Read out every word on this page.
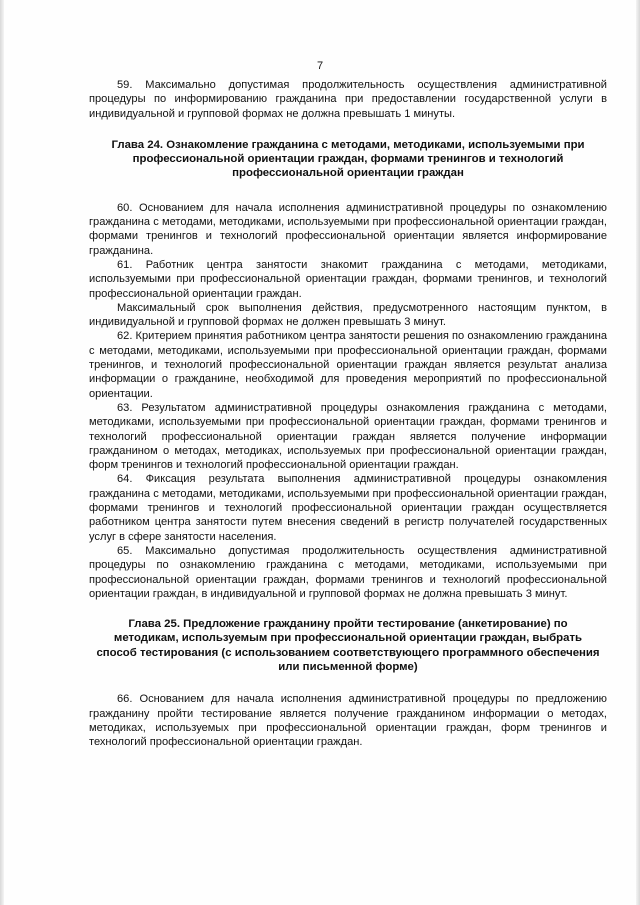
7

59. Максимально допустимая продолжительность осуществления административной процедуры по информированию гражданина при предоставлении государственной услуги в индивидуальной и групповой формах не должна превышать 1 минуты.

Глава 24. Ознакомление гражданина с методами, методиками, используемыми при профессиональной ориентации граждан, формами тренингов и технологий профессиональной ориентации граждан

60. Основанием для начала исполнения административной процедуры по ознакомлению гражданина с методами, методиками, используемыми при профессиональной ориентации граждан, формами тренингов и технологий профессиональной ориентации является информирование гражданина.

61. Работник центра занятости знакомит гражданина с методами, методиками, используемыми при профессиональной ориентации граждан, формами тренингов, и технологий профессиональной ориентации граждан.

Максимальный срок выполнения действия, предусмотренного настоящим пунктом, в индивидуальной и групповой формах не должен превышать 3 минут.

62. Критерием принятия работником центра занятости решения по ознакомлению гражданина с методами, методиками, используемыми при профессиональной ориентации граждан, формами тренингов, и технологий профессиональной ориентации граждан является результат анализа информации о гражданине, необходимой для проведения мероприятий по профессиональной ориентации.

63. Результатом административной процедуры ознакомления гражданина с методами, методиками, используемыми при профессиональной ориентации граждан, формами тренингов и технологий профессиональной ориентации граждан является получение информации гражданином о методах, методиках, используемых при профессиональной ориентации граждан, форм тренингов и технологий профессиональной ориентации граждан.

64. Фиксация результата выполнения административной процедуры ознакомления гражданина с методами, методиками, используемыми при профессиональной ориентации граждан, формами тренингов и технологий профессиональной ориентации граждан осуществляется работником центра занятости путем внесения сведений в регистр получателей государственных услуг в сфере занятости населения.

65. Максимально допустимая продолжительность осуществления административной процедуры по ознакомлению гражданина с методами, методиками, используемыми при профессиональной ориентации граждан, формами тренингов и технологий профессиональной ориентации граждан, в индивидуальной и групповой формах не должна превышать 3 минут.

Глава 25. Предложение гражданину пройти тестирование (анкетирование) по методикам, используемым при профессиональной ориентации граждан, выбрать способ тестирования (с использованием соответствующего программного обеспечения или письменной форме)

66. Основанием для начала исполнения административной процедуры по предложению гражданину пройти тестирование является получение гражданином информации о методах, методиках, используемых при профессиональной ориентации граждан, форм тренингов и технологий профессиональной ориентации граждан.
